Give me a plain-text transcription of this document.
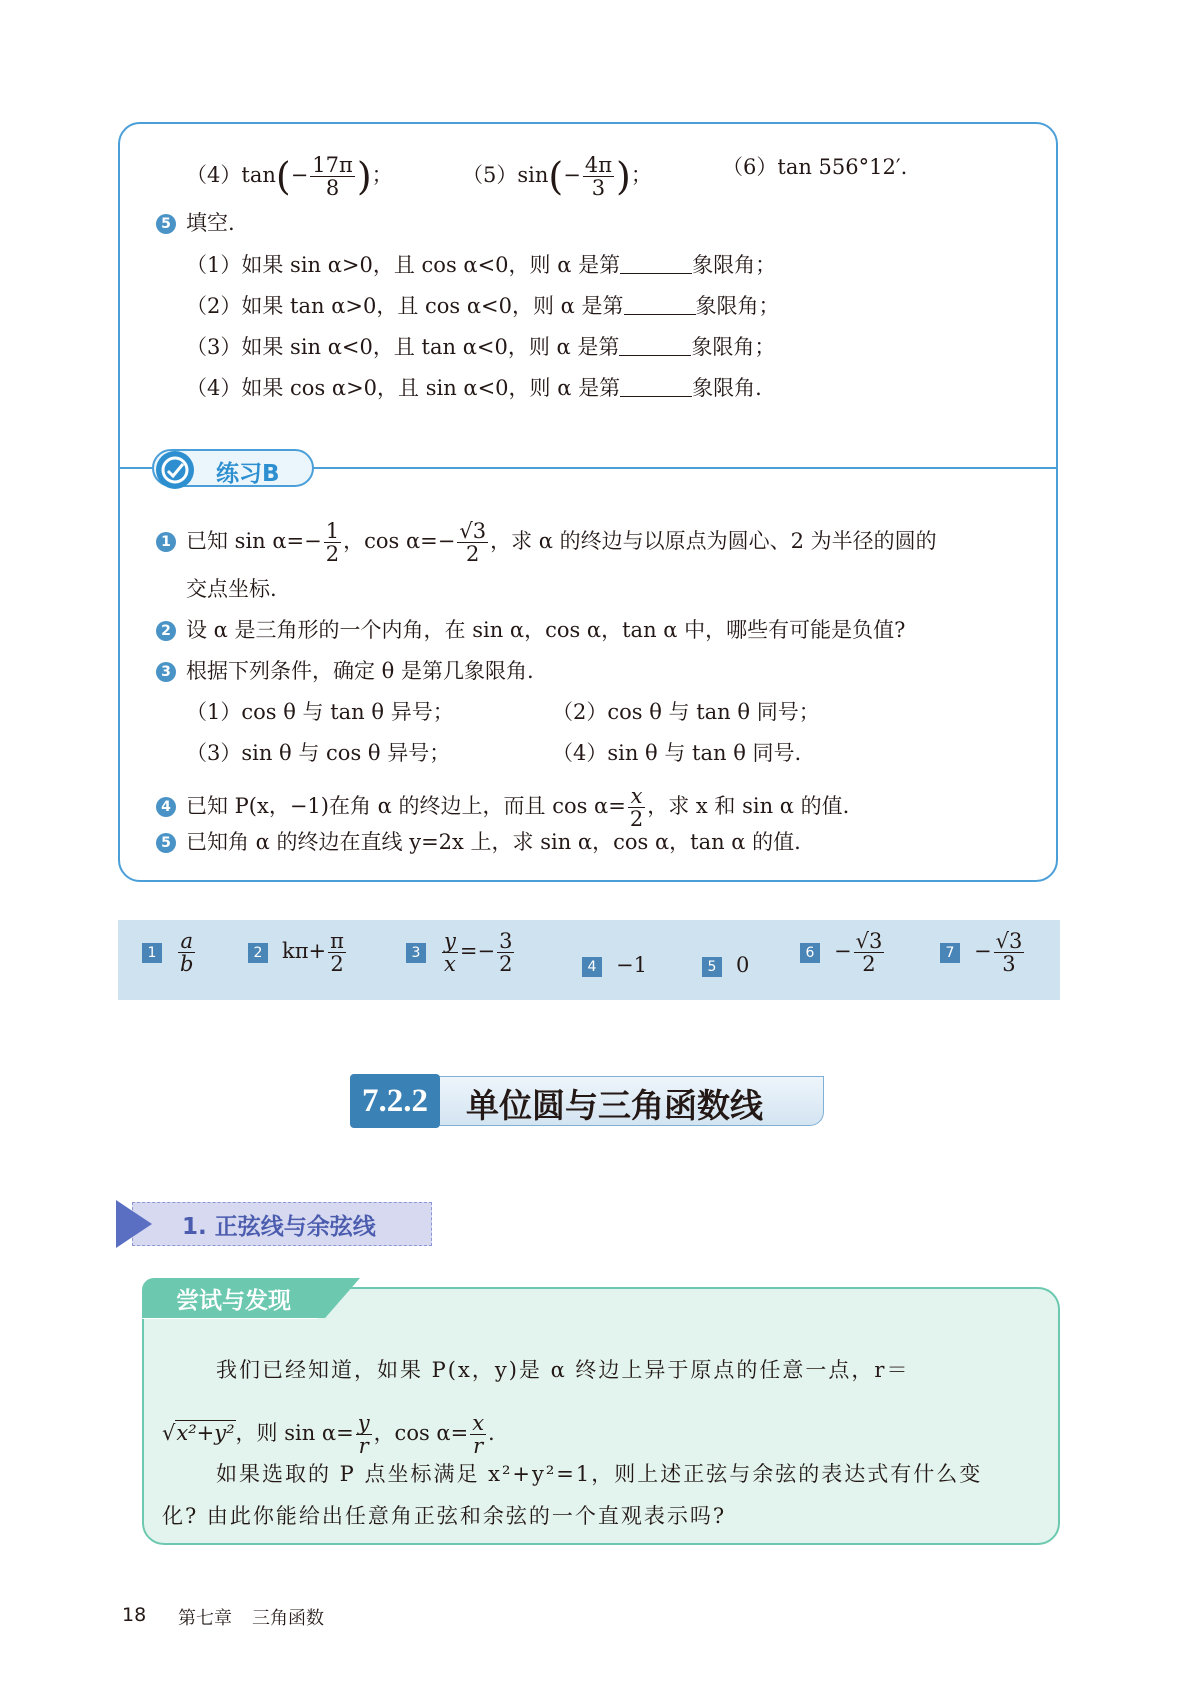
练习B
$(4)\tan(- \frac{17\pi}{8}$ )；	$(5)\sin(- \frac{4\pi}{3}$ )；	（6）tan 556°12′.
5 填空.
（1）如果 sin α>0，且 cos α<0，则 α 是第	象限角；
（2）如果 tan α>0，且 cos α<0，则 α 是第	象限角；
（3）如果 sin α<0，且 tan α<0，则 α 是第	象限角；
（4）如果 cos α>0，且 sin α<0，则 α 是第	象限角.
1 已知 $\sin \alpha=- \frac{1}{2}$ ，$\cos \alpha=- \frac{√3}{2}$ ，求 α 的终边与以原点为圆心、2 为半径的圆的
交点坐标.
2 设 α 是三角形的一个内角，在 sin α，cos α，tan α 中，哪些有可能是负值?
3 根据下列条件，确定 θ 是第几象限角.
（1）cos θ 与 tan θ 异号；	（2）cos θ 与 tan θ 同号；
（3）sin θ 与 cos θ 异号；	（4）sin θ 与 tan θ 同号.
4 已知 P(x，−1)在角 α 的终边上，而且 $\cos \alpha= \frac{x}{2}$ ，求 x 和 sin α 的值.
5 已知角 α 的终边在直线 y=2x 上，求 sin α，cos α，tan α 的值.
$1 \frac{a}{b}$	2 $k\pi+ \frac{\pi}{2}$	$3 \frac{y}{x} =- \frac{3}{2}$	4 −1	5 0
$6 - \frac{√3}{2}$	$7 - \frac{√3}{3}$
7.2.2	单位圆与三角函数线
1. 正弦线与余弦线
尝试与发现
我们已经知道，如果 P(x，y)是 α 终边上异于原点的任意一点，r＝
√x²+y²，则 $\sin \alpha= \frac{y}{r}$ ，$\cos \alpha= \frac{x}{r}$ .
如果选取的 P 点坐标满足 x²+y²=1，则上述正弦与余弦的表达式有什么变
化? 由此你能给出任意角正弦和余弦的一个直观表示吗?
18 第七章 三角函数
